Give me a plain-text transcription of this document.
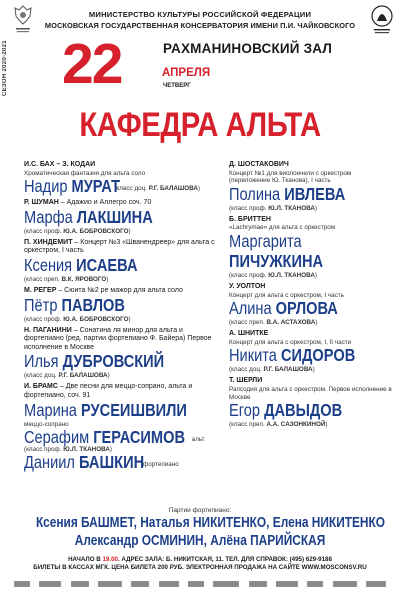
СЕЗОН 2020-2021
МИНИСТЕРСТВО КУЛЬТУРЫ РОССИЙСКОЙ ФЕДЕРАЦИИ
МОСКОВСКАЯ ГОСУДАРСТВЕННАЯ КОНСЕРВАТОРИЯ ИМЕНИ П.И. ЧАЙКОВСКОГО
22	РАХМАНИНОВСКИЙ ЗАЛ
АПРЕЛЯ
ЧЕТВЕРГ
КАФЕДРА АЛЬТА
И.С. БАХ – З. КОДАИ
Хроматическая фантазия для альта соло
Надир МУРАТ
(класс доц. Р.Г. БАЛАШОВА)
Р. ШУМАН – Адажио и Аллегро соч. 70
Марфа ЛАКШИНА
(класс проф. Ю.А. БОБРОВСКОГО)
П. ХИНДЕМИТ – Концерт №3 «Шванендреер» для альта с оркестром, I часть
Ксения ИСАЕВА
(класс преп. В.К. ЯРОВОГО)
М. РЕГЕР – Сюита №2 ре мажор для альта соло
Пётр ПАВЛОВ
(класс проф. Ю.А. БОБРОВСКОГО)
Н. ПАГАНИНИ – Сонатина ля минор для альта и фортепиано (ред. партии фортепиано Ф. Байера) Первое исполнение в Москве
Илья ДУБРОВСКИЙ
(класс доц. Р.Г. БАЛАШОВА)
И. БРАМС – Две песни для меццо-сопрано, альта и фортепиано, соч. 91
Марина РУСЕИШВИЛИ
меццо-сопрано
Серафим ГЕРАСИМОВ альт
(класс проф. Ю.Л. ТКАНОВА)
Даниил БАШКИН
фортепиано
Д. ШОСТАКОВИЧ
Концерт №1 для виолончели с оркестром (переложение Ю. Тканова), I часть
Полина ИВЛЕВА
(класс проф. Ю.Л. ТКАНОВА)
Б. БРИТТЕН
«Lachrymae» для альта с оркестром
Маргарита ПИЧУЖКИНА
(класс проф. Ю.Л. ТКАНОВА)
У. УОЛТОН
Концерт для альта с оркестром, I часть
Алина ОРЛОВА
(класс преп. В.А. АСТАХОВА)
А. ШНИТКЕ
Концерт для альта с оркестром, I, II части
Никита СИДОРОВ
(класс доц. Р.Г. БАЛАШОВА)
Т. ШЕРЛИ
Рапсодия для альта с оркестром. Первое исполнение в Москве
Егор ДАВЫДОВ
(класс преп. А.А. САЗОНКИНОЙ)
Партии фортепиано:
Ксения БАШМЕТ, Наталья НИКИТЕНКО, Елена НИКИТЕНКО
Александр ОСМИНИН, Алёна ПАРИЙСКАЯ
НАЧАЛО В 19.00. АДРЕС ЗАЛА: Б. НИКИТСКАЯ, 11. ТЕЛ. ДЛЯ СПРАВОК: (495) 629-9188
БИЛЕТЫ В КАССАХ МГК. ЦЕНА БИЛЕТА 200 РУБ. ЭЛЕКТРОННАЯ ПРОДАЖА НА САЙТЕ WWW.MOSCONSV.RU
